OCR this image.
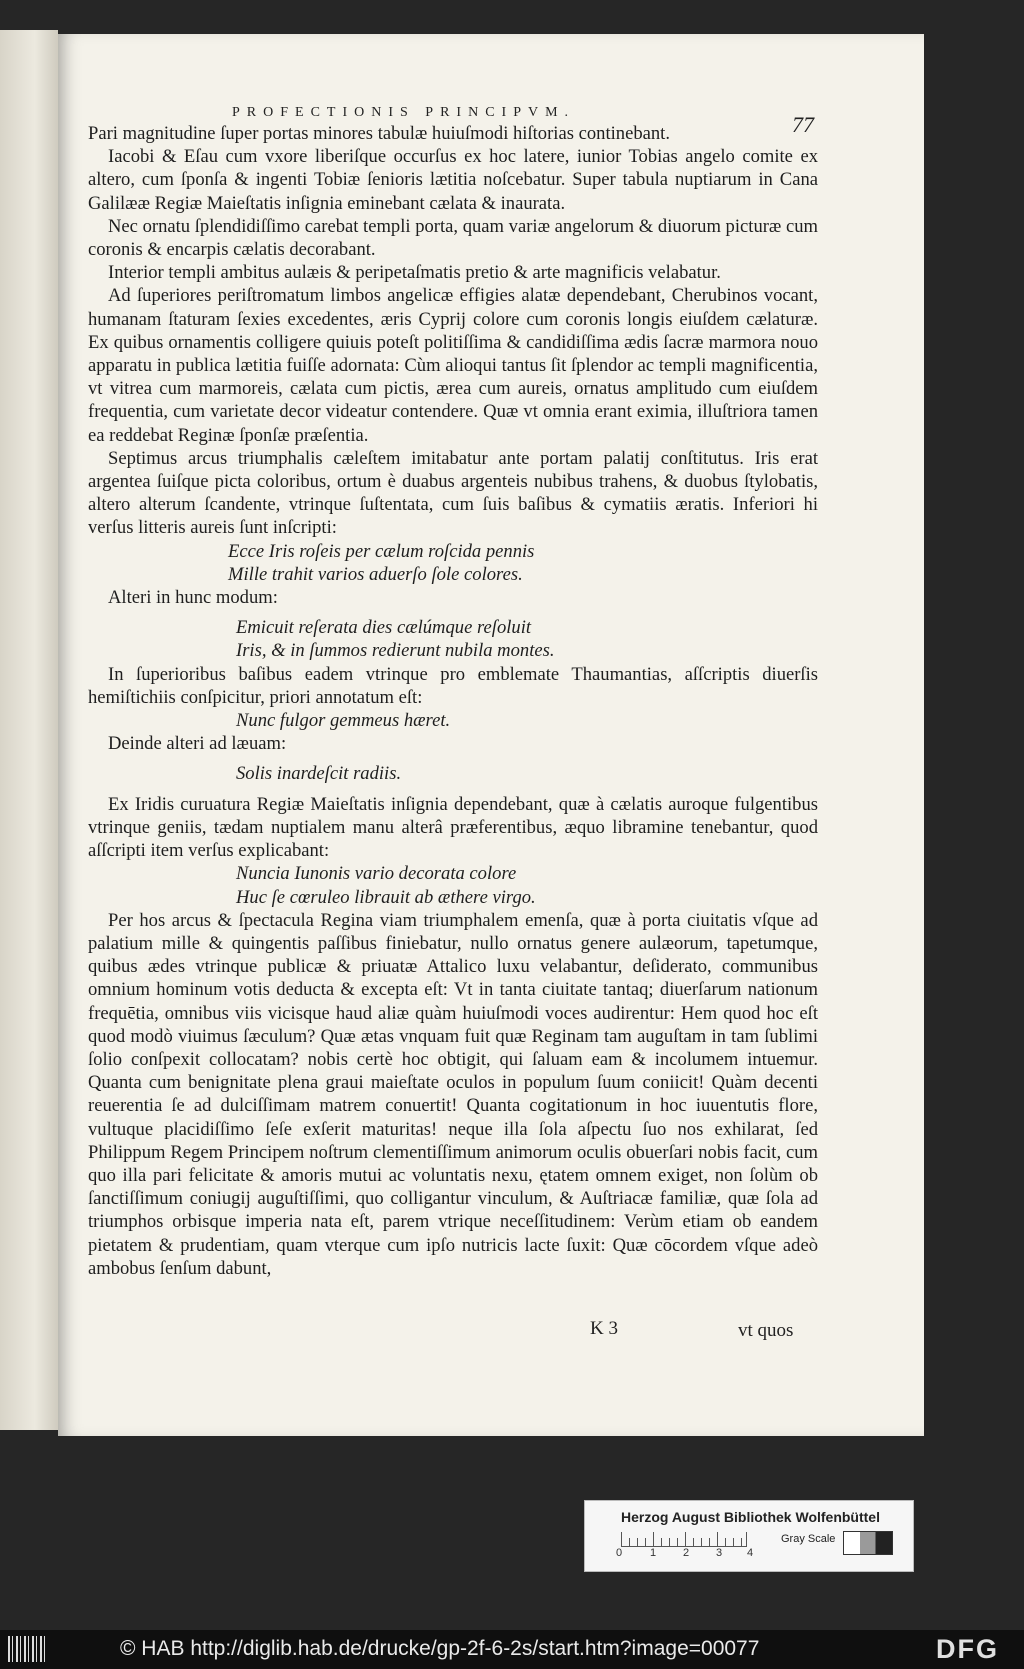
PROFECTIONIS PRINCIPVM.	77

Pari magnitudine ſuper portas minores tabulæ huiuſmodi hiſtorias continebant.

Iacobi & Eſau cum vxore liberiſque occurſus ex hoc latere, iunior Tobias angelo comite ex altero, cum ſponſa & ingenti Tobiæ ſenioris lætitia noſcebatur. Super tabula nuptiarum in Cana Galilææ Regiæ Maieſtatis inſignia eminebant cælata & inaurata.

Nec ornatu ſplendidiſſimo carebat templi porta, quam variæ angelorum & diuorum picturæ cum coronis & encarpis cælatis decorabant.

Interior templi ambitus aulæis & peripetaſmatis pretio & arte magnificis velabatur.

Ad ſuperiores periſtromatum limbos angelicæ effigies alatæ dependebant, Cherubinos vocant, humanam ſtaturam ſexies excedentes, æris Cyprij colore cum coronis longis eiuſdem cælaturæ. Ex quibus ornamentis colligere quiuis poteſt politiſſima & candidiſſima ædis ſacræ marmora nouo apparatu in publica lætitia fuiſſe adornata: Cùm alioqui tantus ſit ſplendor ac templi magnificentia, vt vitrea cum marmoreis, cælata cum pictis, ærea cum aureis, ornatus amplitudo cum eiuſdem frequentia, cum varietate decor videatur contendere. Quæ vt omnia erant eximia, illuſtriora tamen ea reddebat Reginæ ſponſæ præſentia.

Septimus arcus triumphalis cæleſtem imitabatur ante portam palatij conſtitutus. Iris erat argentea ſuiſque picta coloribus, ortum è duabus argenteis nubibus trahens, & duobus ſtylobatis, altero alterum ſcandente, vtrinque ſuſtentata, cum ſuis baſibus & cymatiis æratis. Inferiori hi verſus litteris aureis ſunt inſcripti:

Ecce Iris roſeis per cælum roſcida pennis

Mille trahit varios aduerſo ſole colores.

Alteri in hunc modum:

Emicuit reſerata dies cælúmque reſoluit

Iris, & in ſummos redierunt nubila montes.

In ſuperioribus baſibus eadem vtrinque pro emblemate Thaumantias, aſſcriptis diuerſis hemiſtichiis conſpicitur, priori annotatum eſt:

Nunc fulgor gemmeus hæret.

Deinde alteri ad læuam:

Solis inardeſcit radiis.

Ex Iridis curuatura Regiæ Maieſtatis inſignia dependebant, quæ à cælatis auroque fulgentibus vtrinque geniis, tædam nuptialem manu alterâ præferentibus, æquo libramine tenebantur, quod aſſcripti item verſus explicabant:

Nuncia Iunonis vario decorata colore

Huc ſe cœruleo librauit ab æthere virgo.

Per hos arcus & ſpectacula Regina viam triumphalem emenſa, quæ à porta ciuitatis vſque ad palatium mille & quingentis paſſibus finiebatur, nullo ornatus genere aulæorum, tapetumque, quibus ædes vtrinque publicæ & priuatæ Attalico luxu velabantur, deſiderato, communibus omnium hominum votis deducta & excepta eſt: Vt in tanta ciuitate tantaq; diuerſarum nationum frequētia, omnibus viis vicisque haud aliæ quàm huiuſmodi voces audirentur: Hem quod hoc eſt quod modò viuimus ſæculum? Quæ ætas vnquam fuit quæ Reginam tam auguſtam in tam ſublimi ſolio conſpexit collocatam? nobis certè hoc obtigit, qui ſaluam eam & incolumem intuemur. Quanta cum benignitate plena graui maieſtate oculos in populum ſuum coniicit! Quàm decenti reuerentia ſe ad dulciſſimam matrem conuertit! Quanta cogitationum in hoc iuuentutis flore, vultuque placidiſſimo ſeſe exſerit maturitas! neque illa ſola aſpectu ſuo nos exhilarat, ſed Philippum Regem Principem noſtrum clementiſſimum animorum oculis obuerſari nobis facit, cum quo illa pari felicitate & amoris mutui ac voluntatis nexu, ętatem omnem exiget, non ſolùm ob ſanctiſſimum coniugij auguſtiſſimi, quo colligantur vinculum, & Auſtriacæ familiæ, quæ ſola ad triumphos orbisque imperia nata eſt, parem vtrique neceſſitudinem: Verùm etiam ob eandem pietatem & prudentiam, quam vterque cum ipſo nutricis lacte ſuxit: Quæ cōcordem vſque adeò ambobus ſenſum dabunt,

K 3	vt quos
Herzog August Bibliothek Wolfenbüttel
0	1 2 3 4
Gray Scale
© HAB http://diglib.hab.de/drucke/gp-2f-6-2s/start.htm?image=00077	DFG
